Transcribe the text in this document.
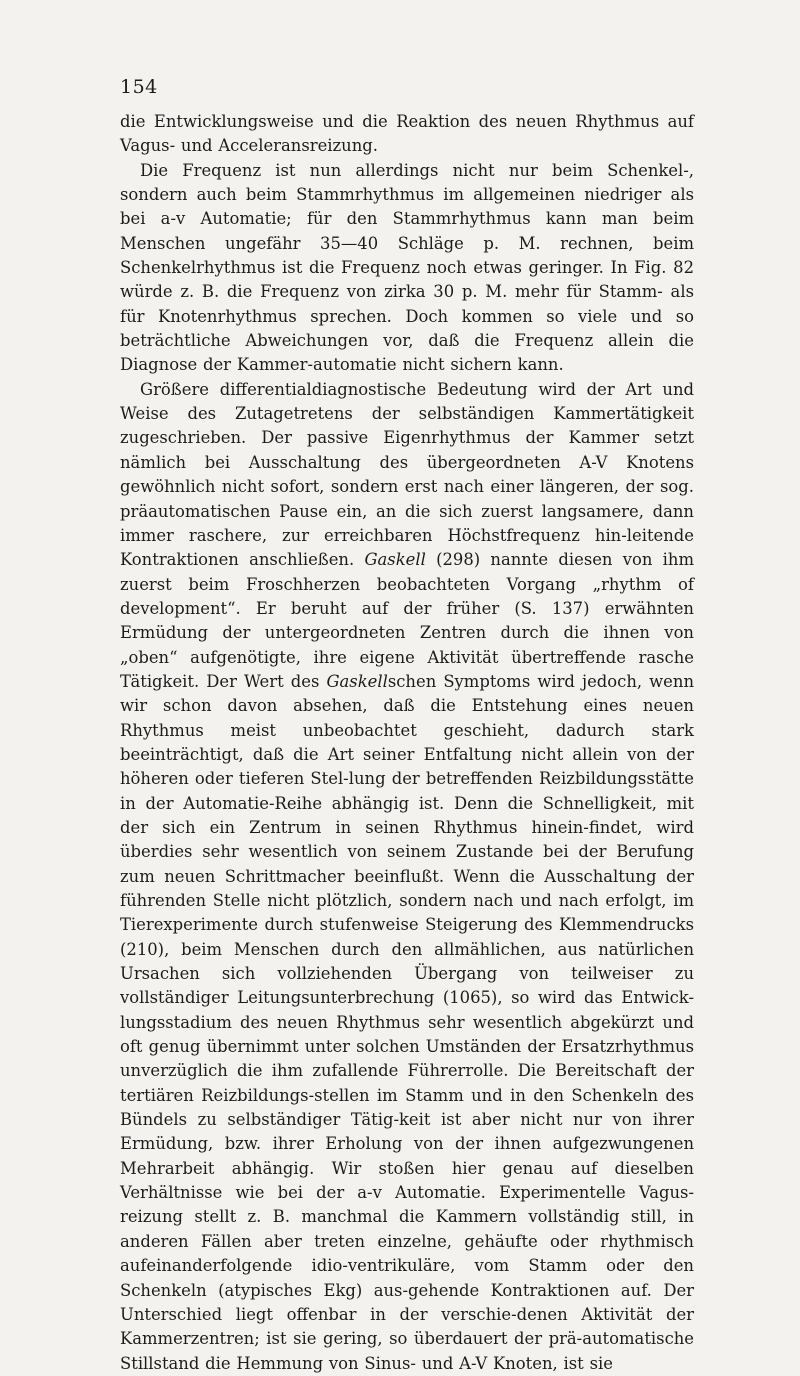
154

die Entwicklungsweise und die Reaktion des neuen Rhythmus auf Vagus- und Acceleransreizung.

Die Frequenz ist nun allerdings nicht nur beim Schenkel-, sondern auch beim Stammrhythmus im allgemeinen niedriger als bei a-v Automatie; für den Stammrhythmus kann man beim Menschen ungefähr 35—40 Schläge p. M. rechnen, beim Schenkelrhythmus ist die Frequenz noch etwas geringer. In Fig. 82 würde z. B. die Frequenz von zirka 30 p. M. mehr für Stamm- als für Knotenrhythmus sprechen. Doch kommen so viele und so beträchtliche Abweichungen vor, daß die Frequenz allein die Diagnose der Kammer-automatie nicht sichern kann.

Größere differentialdiagnostische Bedeutung wird der Art und Weise des Zutagetretens der selbständigen Kammertätigkeit zugeschrieben. Der passive Eigenrhythmus der Kammer setzt nämlich bei Ausschaltung des übergeordneten A-V Knotens gewöhnlich nicht sofort, sondern erst nach einer längeren, der sog. präautomatischen Pause ein, an die sich zuerst langsamere, dann immer raschere, zur erreichbaren Höchstfrequenz hin-leitende Kontraktionen anschließen. Gaskell (298) nannte diesen von ihm zuerst beim Froschherzen beobachteten Vorgang „rhythm of development“. Er beruht auf der früher (S. 137) erwähnten Ermüdung der untergeordneten Zentren durch die ihnen von „oben“ aufgenötigte, ihre eigene Aktivität übertreffende rasche Tätigkeit. Der Wert des Gaskellschen Symptoms wird jedoch, wenn wir schon davon absehen, daß die Entstehung eines neuen Rhythmus meist unbeobachtet geschieht, dadurch stark beeinträchtigt, daß die Art seiner Entfaltung nicht allein von der höheren oder tieferen Stel-lung der betreffenden Reizbildungsstätte in der Automatie-Reihe abhängig ist. Denn die Schnelligkeit, mit der sich ein Zentrum in seinen Rhythmus hinein-findet, wird überdies sehr wesentlich von seinem Zustande bei der Berufung zum neuen Schrittmacher beeinflußt. Wenn die Ausschaltung der führenden Stelle nicht plötzlich, sondern nach und nach erfolgt, im Tierexperimente durch stufenweise Steigerung des Klemmendrucks (210), beim Menschen durch den allmählichen, aus natürlichen Ursachen sich vollziehenden Übergang von teilweiser zu vollständiger Leitungsunterbrechung (1065), so wird das Entwick-lungsstadium des neuen Rhythmus sehr wesentlich abgekürzt und oft genug übernimmt unter solchen Umständen der Ersatzrhythmus unverzüglich die ihm zufallende Führerrolle. Die Bereitschaft der tertiären Reizbildungs-stellen im Stamm und in den Schenkeln des Bündels zu selbständiger Tätig-keit ist aber nicht nur von ihrer Ermüdung, bzw. ihrer Erholung von der ihnen aufgezwungenen Mehrarbeit abhängig. Wir stoßen hier genau auf dieselben Verhältnisse wie bei der a-v Automatie. Experimentelle Vagus-reizung stellt z. B. manchmal die Kammern vollständig still, in anderen Fällen aber treten einzelne, gehäufte oder rhythmisch aufeinanderfolgende idio-ventrikuläre, vom Stamm oder den Schenkeln (atypisches Ekg) aus-gehende Kontraktionen auf. Der Unterschied liegt offenbar in der verschie-denen Aktivität der Kammerzentren; ist sie gering, so überdauert der prä-automatische Stillstand die Hemmung von Sinus- und A-V Knoten, ist sie
